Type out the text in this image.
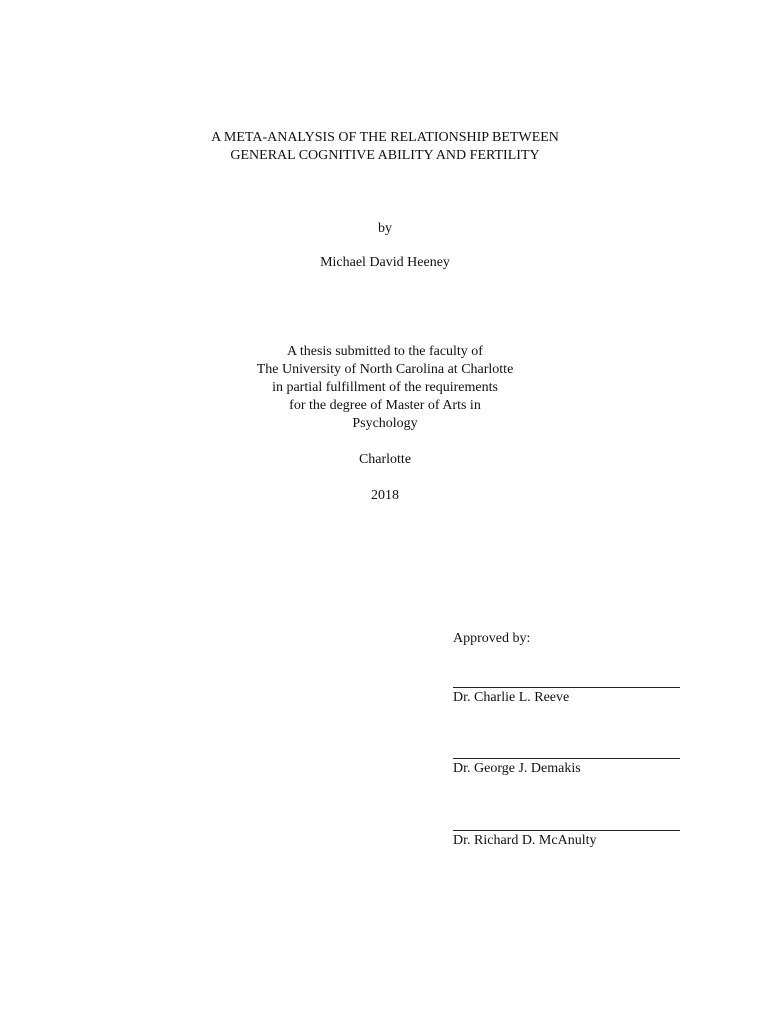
A META-ANALYSIS OF THE RELATIONSHIP BETWEEN
GENERAL COGNITIVE ABILITY AND FERTILITY
by
Michael David Heeney
A thesis submitted to the faculty of
The University of North Carolina at Charlotte
in partial fulfillment of the requirements
for the degree of Master of Arts in
Psychology
Charlotte
2018
Approved by:
Dr. Charlie L. Reeve
Dr. George J. Demakis
Dr. Richard D. McAnulty
